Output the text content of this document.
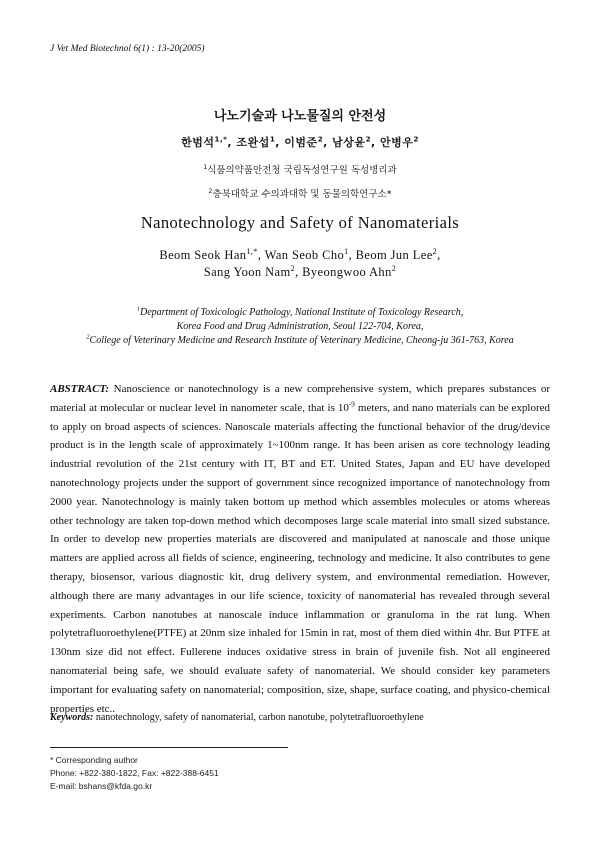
J Vet Med Biotechnol 6(1) : 13-20(2005)
나노기술과 나노물질의 안전성
한범석$^{1,*}$, 조완섭$^1$, 이범준$^2$, 남상윤$^2$, 안병우$^2$
$^1$식품의약품안전청 국립독성연구원 독성병리과
$^2$충북대학교 수의과대학 및 동물의학연구소*
Nanotechnology and Safety of Nanomaterials
Beom Seok Han$^{1,*}$, Wan Seob Cho$^1$, Beom Jun Lee$^2$,
Sang Yoon Nam$^2$, Byeongwoo Ahn$^2$
$^1$Department of Toxicologic Pathology, National Institute of Toxicology Research,
Korea Food and Drug Administration, Seoul 122-704, Korea,
$^2$College of Veterinary Medicine and Research Institute of Veterinary Medicine, Cheong-ju 361-763, Korea
ABSTRACT: Nanoscience or nanotechnology is a new comprehensive system, which prepares substances or material at molecular or nuclear level in nanometer scale, that is $10^{-9}$ meters, and nano materials can be explored to apply on broad aspects of sciences. Nanoscale materials affecting the functional behavior of the drug/device product is in the length scale of approximately 1~100nm range. It has been arisen as core technology leading industrial revolution of the 21st century with IT, BT and ET. United States, Japan and EU have developed nanotechnology projects under the support of government since recognized importance of nanotechnology from 2000 year. Nanotechnology is mainly taken bottom up method which assembles molecules or atoms whereas other technology are taken top-down method which decomposes large scale material into small sized substance. In order to develop new properties materials are discovered and manipulated at nanoscale and those unique matters are applied across all fields of science, engineering, technology and medicine. It also contributes to gene therapy, biosensor, various diagnostic kit, drug delivery system, and environmental remediation. However, although there are many advantages in our life science, toxicity of nanomaterial has revealed through several experiments. Carbon nanotubes at nanoscale induce inflammation or granuloma in the rat lung. When polytetrafluoroethylene(PTFE) at 20nm size inhaled for 15min in rat, most of them died within 4hr. But PTFE at 130nm size did not effect. Fullerene induces oxidative stress in brain of juvenile fish. Not all engineered nanomaterial being safe, we should evaluate safety of nanomaterial. We should consider key parameters important for evaluating safety on nanomaterial; composition, size, shape, surface coating, and physico-chemical properties etc..
Keywords: nanotechnology, safety of nanomaterial, carbon nanotube, polytetrafluoroethylene
* Corresponding author
Phone: +822-380-1822, Fax: +822-388-6451
E-mail: bshans@kfda.go.kr
